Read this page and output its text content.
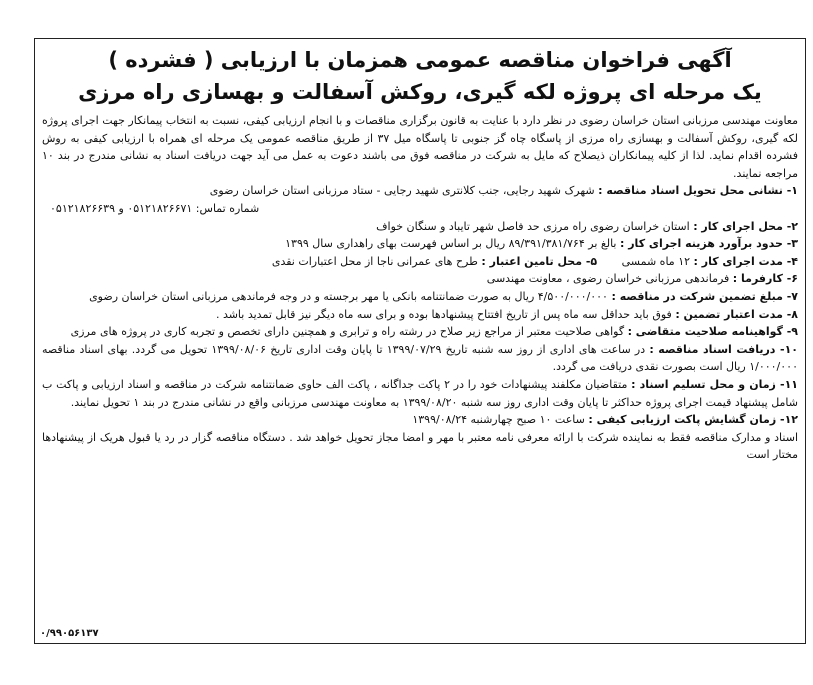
آگهی فراخوان مناقصه عمومی همزمان با ارزیابی ( فشرده )
یک مرحله ای پروژه لکه گیری، روکش آسفالت و بهسازی راه مرزی

معاونت مهندسی مرزبانی استان خراسان رضوی در نظر دارد با عنایت به قانون برگزاری مناقصات و با انجام ارزیابی کیفی، نسبت به انتخاب پیمانکار جهت اجرای پروژه لکه گیری، روکش آسفالت و بهسازی راه مرزی از پاسگاه چاه گز جنوبی تا پاسگاه میل ۳۷ از طریق مناقصه عمومی یک مرحله ای همراه با ارزیابی کیفی به روش فشرده اقدام نماید. لذا از کلیه پیمانکاران ذیصلاح که مایل به شرکت در مناقصه فوق می باشند دعوت به عمل می آید جهت دریافت اسناد به نشانی مندرج در بند ۱۰ مراجعه نمایند.

۱- نشانی محل تحویل اسناد مناقصه : شهرک شهید رجایی، جنب کلانتری شهید رجایی - ستاد مرزبانی استان خراسان رضوی

شماره تماس: ۰۵۱۲۱۸۲۶۶۷۱ و ۰۵۱۲۱۸۲۶۶۳۹

۲- محل اجرای کار : استان خراسان رضوی راه مرزی حد فاصل شهر تایباد و سنگان خواف

۳- حدود برآورد هزینه اجرای کار : بالغ بر ۸۹/۳۹۱/۳۸۱/۷۶۴ ریال بر اساس فهرست بهای راهداری سال ۱۳۹۹

۴- مدت اجرای کار : ۱۲ ماه شمسی       ۵- محل تامین اعتبار : طرح های عمرانی ناجا از محل اعتبارات نقدی

۶- کارفرما : فرماندهی مرزبانی خراسان رضوی ، معاونت مهندسی

۷- مبلغ تضمین شرکت در مناقصه : ۴/۵۰۰/۰۰۰/۰۰۰ ریال به صورت ضمانتنامه بانکی یا مهر برجسته و در وجه فرماندهی مرزبانی استان خراسان رضوی

۸- مدت اعتبار تضمین : فوق باید حداقل سه ماه پس از تاریخ افتتاح پیشنهادها بوده و برای سه ماه دیگر نیز قابل تمدید باشد .

۹- گواهینامه صلاحیت متقاضی : گواهی صلاحیت معتبر از مراجع زیر صلاح در رشته راه و ترابری و همچنین دارای تخصص و تجربه کاری در پروژه های مرزی

۱۰- دریافت اسناد مناقصه : در ساعت های اداری از روز سه شنبه تاریخ ۱۳۹۹/۰۷/۲۹ تا پایان وقت اداری تاریخ ۱۳۹۹/۰۸/۰۶ تحویل می گردد. بهای اسناد مناقصه ۱/۰۰۰/۰۰۰ ریال است بصورت نقدی دریافت می گردد.

۱۱- زمان و محل تسلیم اسناد : متقاضیان مکلفند پیشنهادات خود را در ۲ پاکت جداگانه ، پاکت الف حاوی ضمانتنامه شرکت در مناقصه و اسناد ارزیابی و پاکت ب شامل پیشنهاد قیمت اجرای پروژه حداکثر تا پایان وقت اداری روز سه شنبه ۱۳۹۹/۰۸/۲۰ به معاونت مهندسی مرزبانی واقع در نشانی مندرج در بند ۱ تحویل نمایند.

۱۲- زمان گشایش پاکت ارزیابی کیفی : ساعت ۱۰ صبح چهارشنبه ۱۳۹۹/۰۸/۲۴

اسناد و مدارک مناقصه فقط به نماینده شرکت با ارائه معرفی نامه معتبر با مهر و امضا مجاز تحویل خواهد شد . دستگاه مناقصه گزار در رد یا قبول هریک از پیشنهادها مختار است

۰/۹۹۰۵۶۱۳۷
